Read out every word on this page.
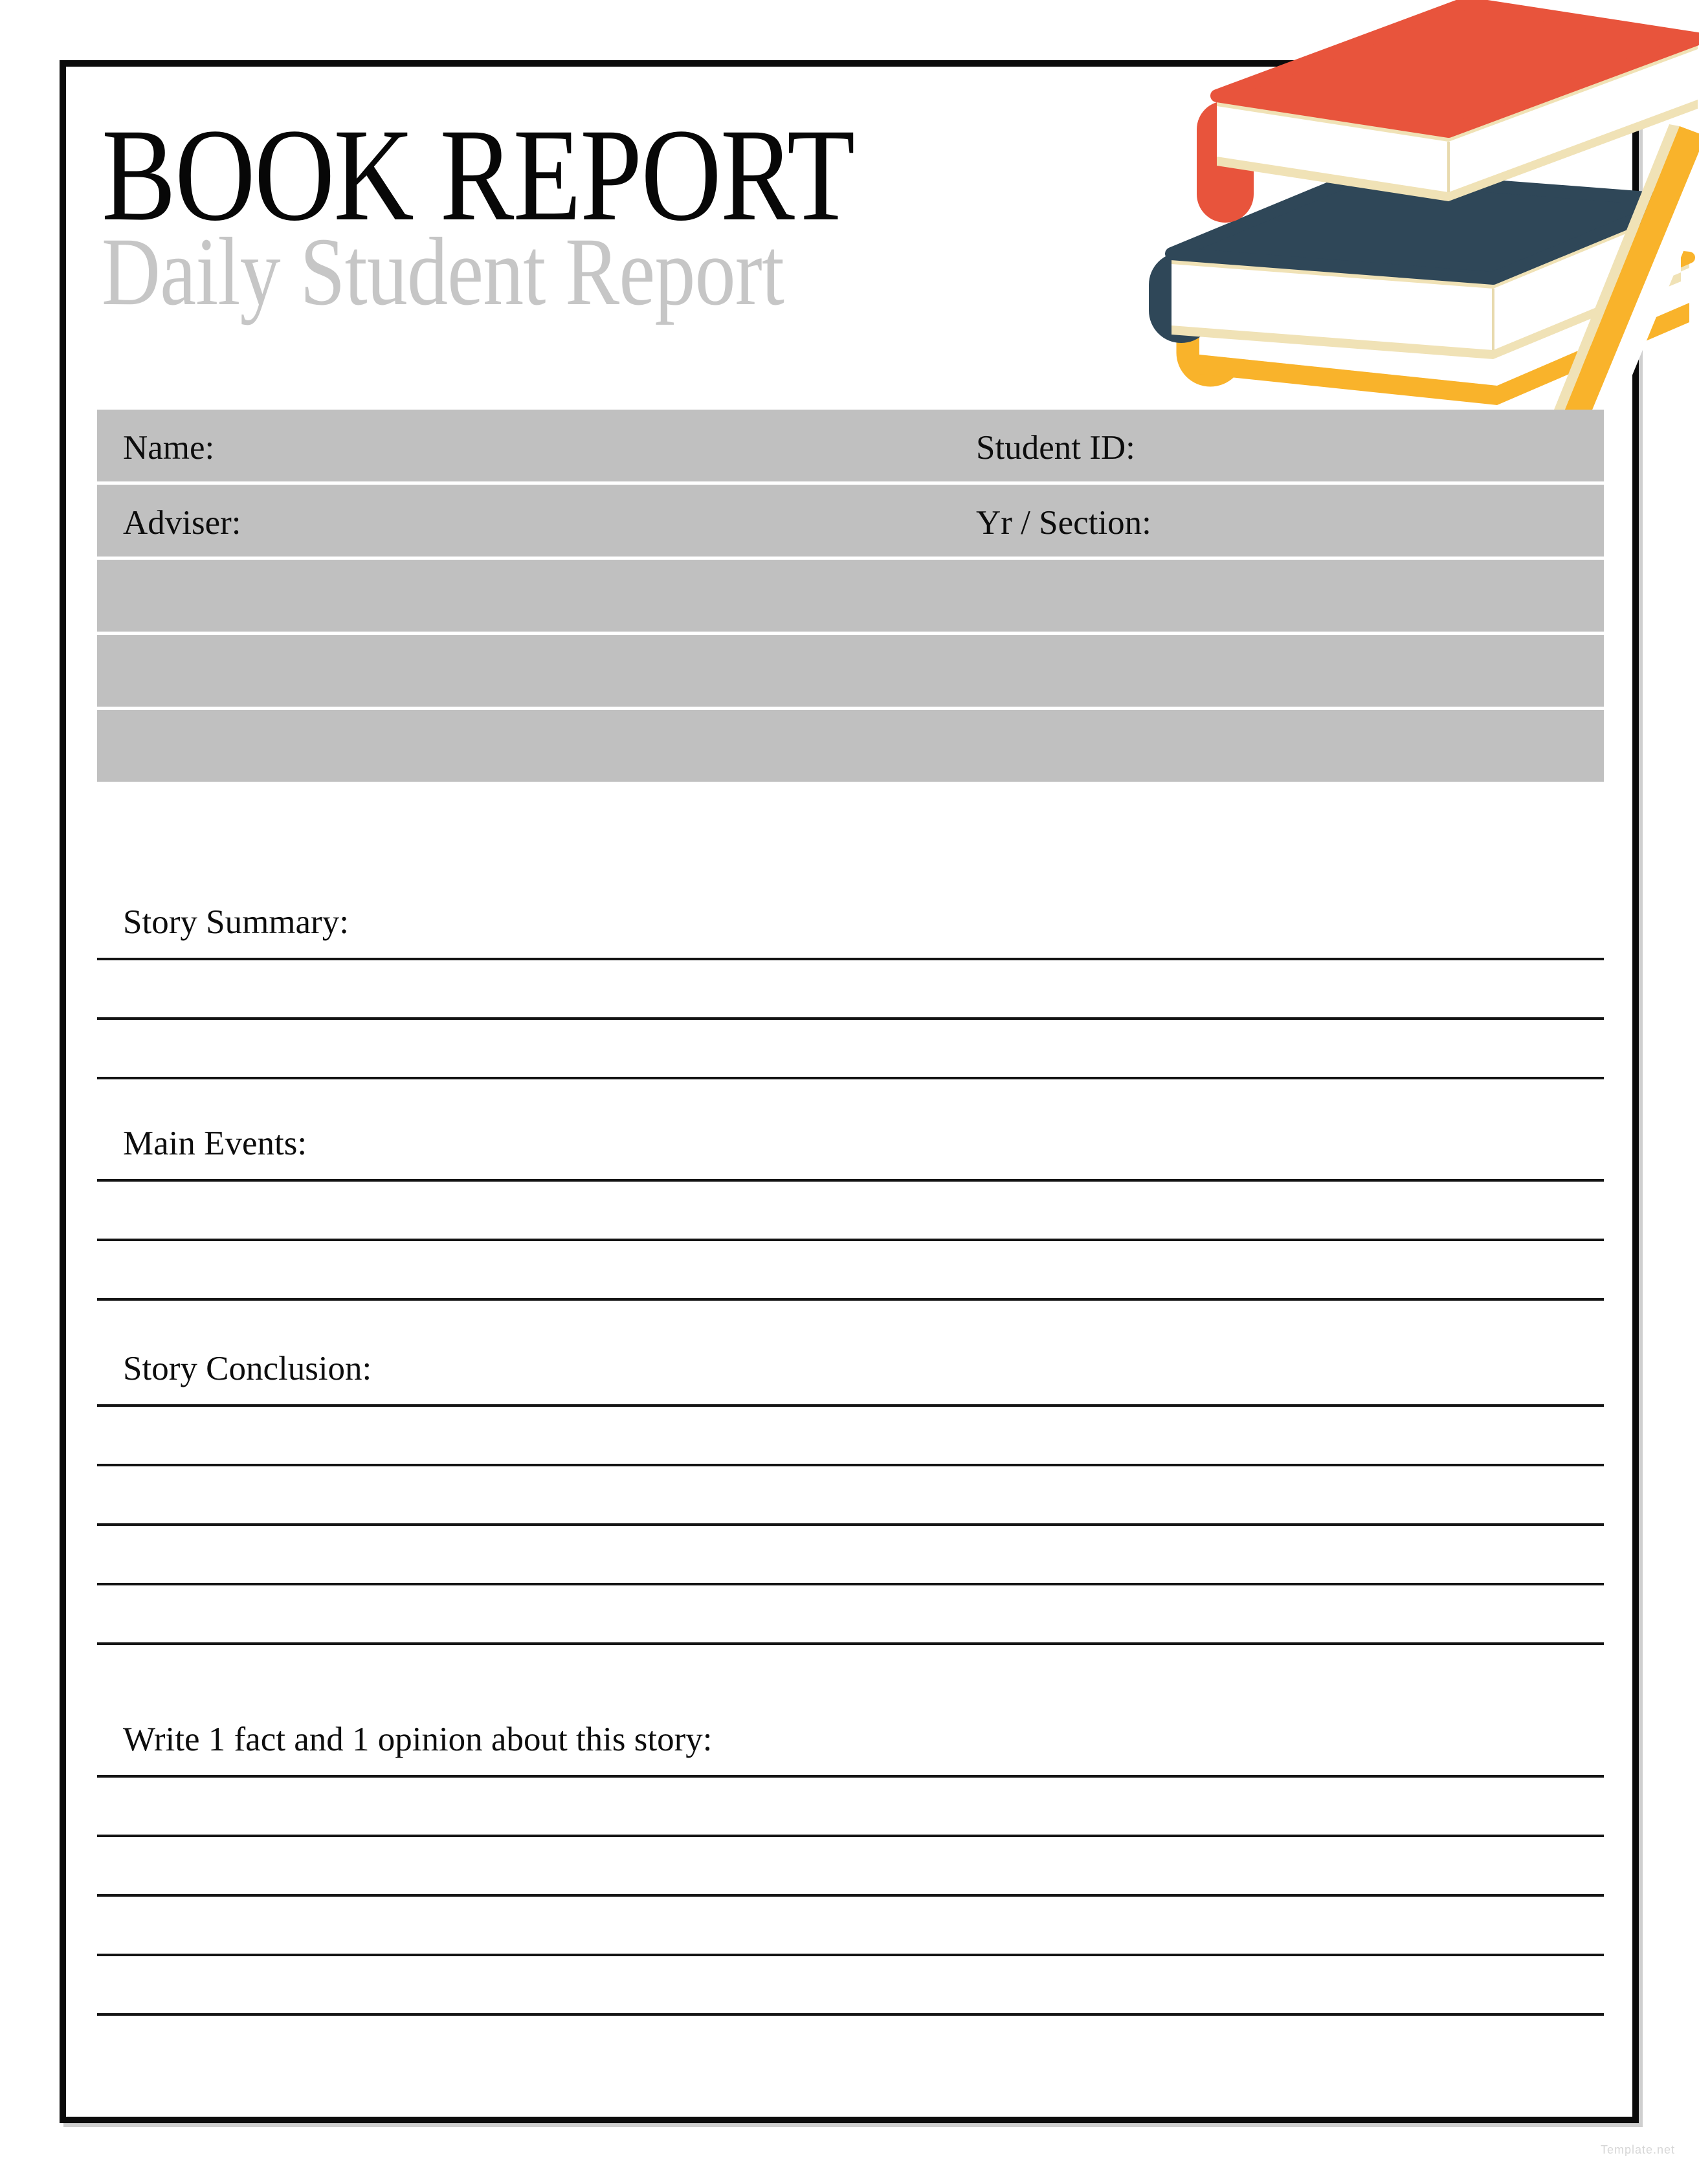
BOOK REPORT
Daily Student Report
Name:	Student ID:
Adviser:	Yr / Section:
Story Summary:
Main Events:
Story Conclusion:
Write 1 fact and 1 opinion about this story:
Template.net
